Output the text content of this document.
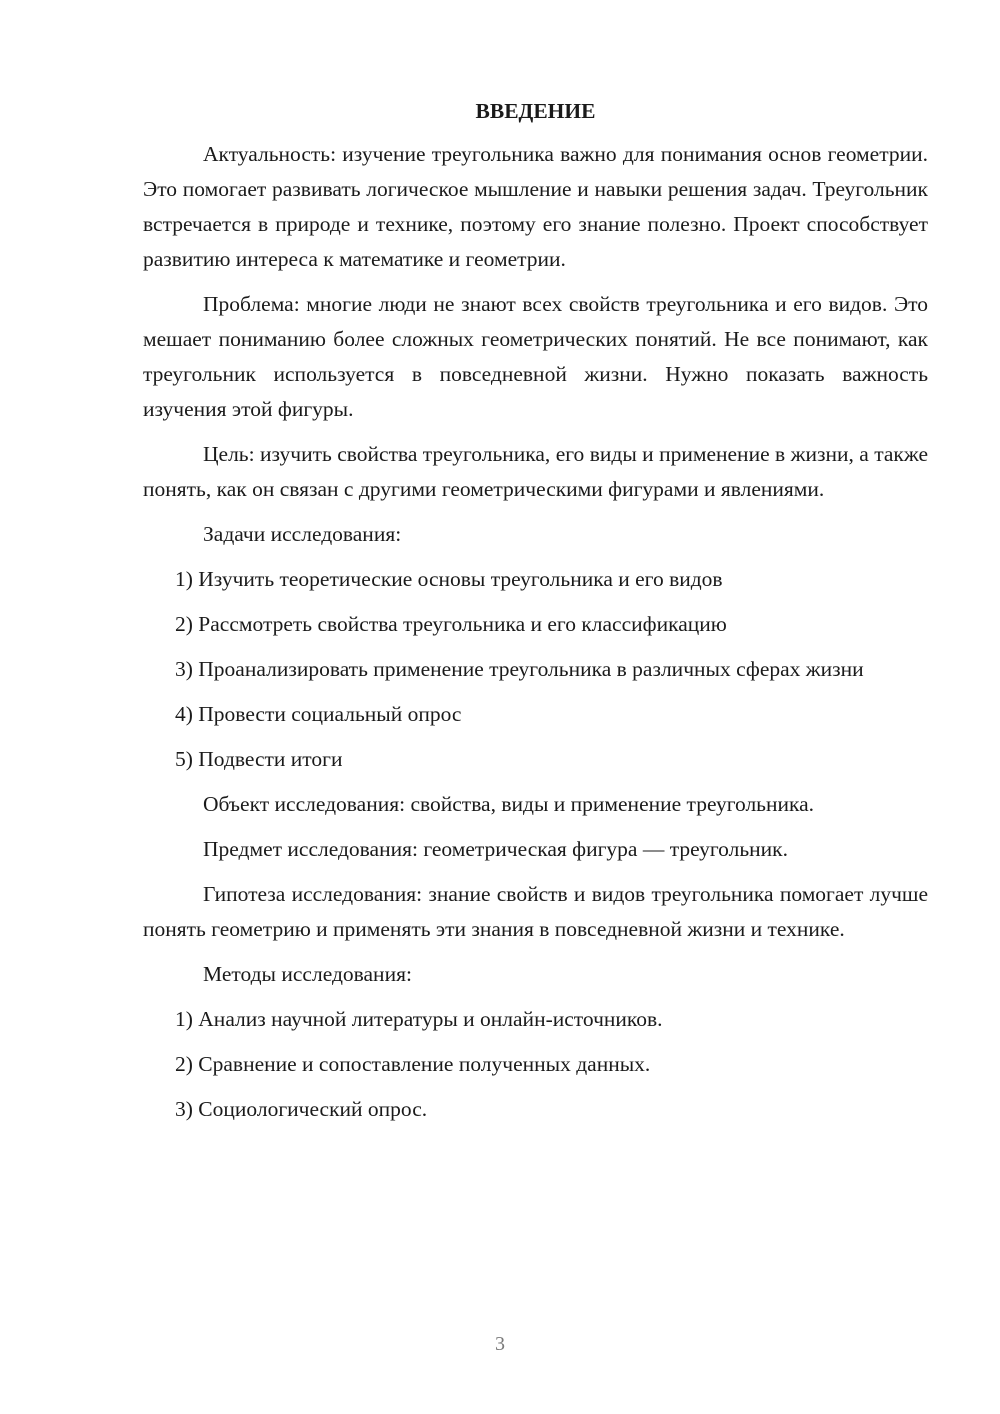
ВВЕДЕНИЕ

Актуальность: изучение треугольника важно для понимания основ геометрии. Это помогает развивать логическое мышление и навыки решения задач. Треугольник встречается в природе и технике, поэтому его знание полезно. Проект способствует развитию интереса к математике и геометрии.

Проблема: многие люди не знают всех свойств треугольника и его видов. Это мешает пониманию более сложных геометрических понятий. Не все понимают, как треугольник используется в повседневной жизни. Нужно показать важность изучения этой фигуры.

Цель: изучить свойства треугольника, его виды и применение в жизни, а также понять, как он связан с другими геометрическими фигурами и явлениями.

Задачи исследования:

1) Изучить теоретические основы треугольника и его видов

2) Рассмотреть свойства треугольника и его классификацию

3) Проанализировать применение треугольника в различных сферах жизни

4) Провести социальный опрос

5) Подвести итоги

Объект исследования: свойства, виды и применение треугольника.

Предмет исследования: геометрическая фигура — треугольник.

Гипотеза исследования: знание свойств и видов треугольника помогает лучше понять геометрию и применять эти знания в повседневной жизни и технике.

Методы исследования:

1) Анализ научной литературы и онлайн-источников.

2) Сравнение и сопоставление полученных данных.

3) Социологический опрос.

3
